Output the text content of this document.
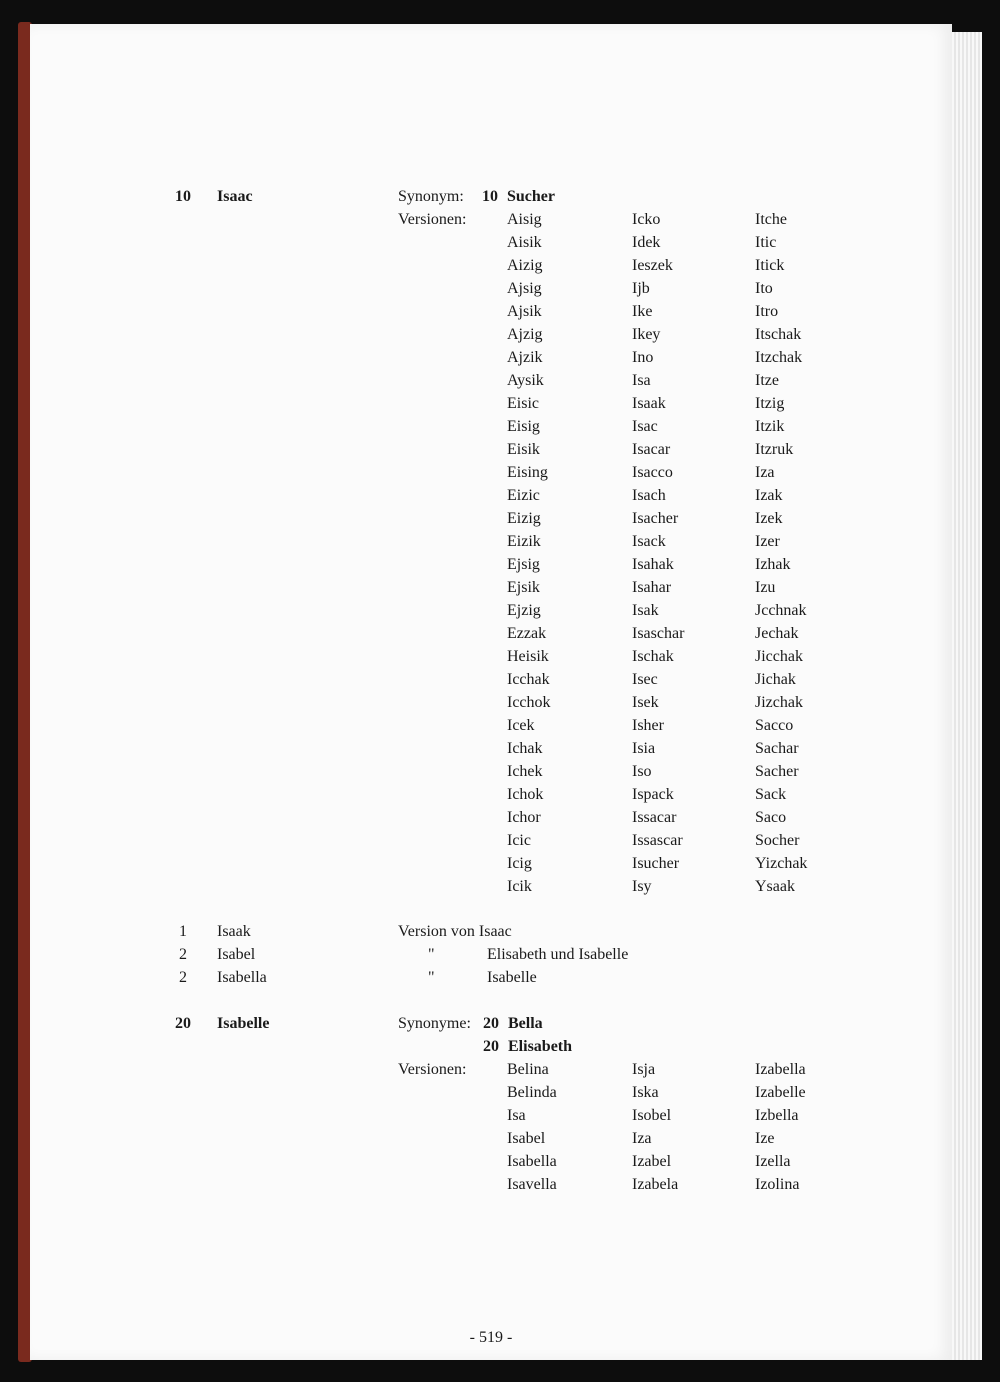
10	Isaac	Synonym: 10 Sucher
Versionen:	Aisig	Icko	Itche
Aisik	Idek	Itic
Aizig	Ieszek	Itick
Ajsig	Ijb	Ito
Ajsik	Ike	Itro
Ajzig	Ikey	Itschak
Ajzik	Ino	Itzchak
Aysik	Isa	Itze
Eisic	Isaak	Itzig
Eisig	Isac	Itzik
Eisik	Isacar	Itzruk
Eising	Isacco	Iza
Eizic	Isach	Izak
Eizig	Isacher	Izek
Eizik	Isack	Izer
Ejsig	Isahak	Izhak
Ejsik	Isahar	Izu
Ejzig	Isak	Jcchnak
Ezzak	Isaschar	Jechak
Heisik	Ischak	Jicchak
Icchak	Isec	Jichak
Icchok	Isek	Jizchak
Icek	Isher	Sacco
Ichak	Isia	Sachar
Ichek	Iso	Sacher
Ichok	Ispack	Sack
Ichor	Issacar	Saco
Icic	Issascar	Socher
Icig	Isucher	Yizchak
Icik	Isy	Ysaak
1	Isaak	Version von Isaac
2	Isabel	"	Elisabeth und Isabelle
2	Isabella	"	Isabelle
20	Isabelle	Synonyme: 20 Bella
20 Elisabeth
Versionen:	Belina	Isja	Izabella
Belinda	Iska	Izabelle
Isa	Isobel	Izbella
Isabel	Iza	Ize
Isabella	Izabel	Izella
Isavella	Izabela	Izolina
- 519 -
